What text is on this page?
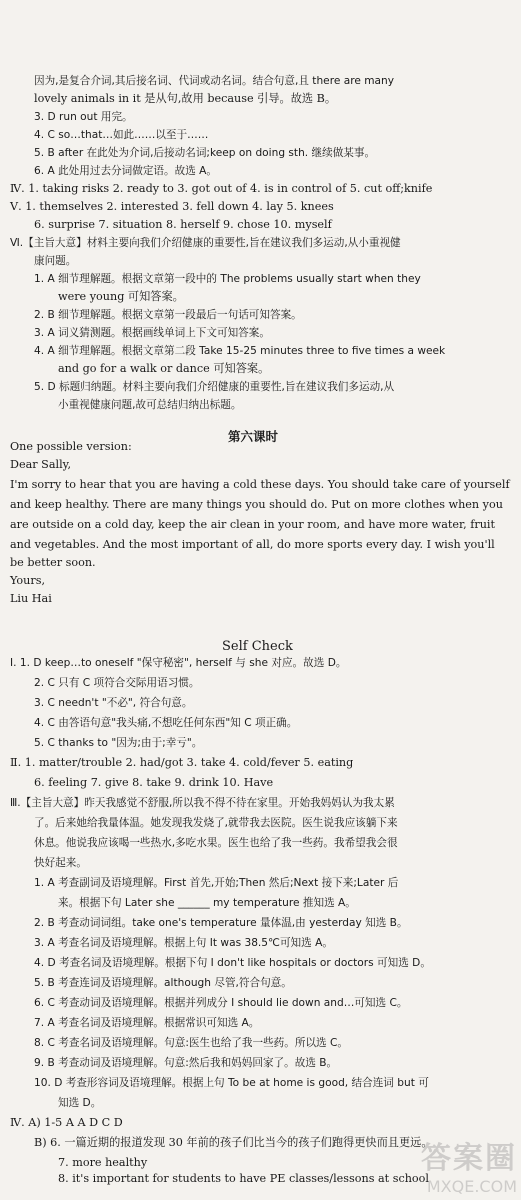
因为,是复合介词,其后接名词、代词或动名词。结合句意,且 there are many
lovely animals in it 是从句,故用 because 引导。故选 B。
3. D run out 用完。
4. C so…that…如此……以至于……
5. B after 在此处为介词,后接动名词;keep on doing sth. 继续做某事。
6. A 此处用过去分词做定语。故选 A。
Ⅳ. 1. taking risks 2. ready to 3. got out of 4. is in control of 5. cut off;knife
Ⅴ. 1. themselves 2. interested 3. fell down 4. lay 5. knees
6. surprise 7. situation 8. herself 9. chose 10. myself
Ⅵ.【主旨大意】材料主要向我们介绍健康的重要性,旨在建议我们多运动,从小重视健
康问题。
1. A 细节理解题。根据文章第一段中的 The problems usually start when they
were young 可知答案。
2. B 细节理解题。根据文章第一段最后一句话可知答案。
3. A 词义猜测题。根据画线单词上下文可知答案。
4. A 细节理解题。根据文章第二段 Take 15-25 minutes three to five times a week
and go for a walk or dance 可知答案。
5. D 标题归纳题。材料主要向我们介绍健康的重要性,旨在建议我们多运动,从
小重视健康问题,故可总结归纳出标题。
One possible version:
Dear Sally,
I'm sorry to hear that you are having a cold these days. You should take care of yourself
and keep healthy. There are many things you should do. Put on more clothes when you
are outside on a cold day, keep the air clean in your room, and have more water, fruit
and vegetables. And the most important of all, do more sports every day. I wish you'll
be better soon.
Yours,
Liu Hai
Ⅰ. 1. D keep…to oneself "保守秘密", herself 与 she 对应。故选 D。
2. C 只有 C 项符合交际用语习惯。
3. C needn't "不必", 符合句意。
4. C 由答语句意"我头痛,不想吃任何东西"知 C 项正确。
5. C thanks to "因为;由于;幸亏"。
Ⅱ. 1. matter/trouble 2. had/got 3. take 4. cold/fever 5. eating
6. feeling 7. give 8. take 9. drink 10. Have
Ⅲ.【主旨大意】昨天我感觉不舒服,所以我不得不待在家里。开始我妈妈认为我太累
了。后来她给我量体温。她发现我发烧了,就带我去医院。医生说我应该躺下来
休息。他说我应该喝一些热水,多吃水果。医生也给了我一些药。我希望我会很
快好起来。
1. A 考查副词及语境理解。First 首先,开始;Then 然后;Next 接下来;Later 后
来。根据下句 Later she ______ my temperature 推知选 A。
2. B 考查动词词组。take one's temperature 量体温,由 yesterday 知选 B。
3. A 考查名词及语境理解。根据上句 It was 38.5℃可知选 A。
4. D 考查名词及语境理解。根据下句 I don't like hospitals or doctors 可知选 D。
5. B 考查连词及语境理解。although 尽管,符合句意。
6. C 考查动词及语境理解。根据并列成分 I should lie down and…可知选 C。
7. A 考查名词及语境理解。根据常识可知选 A。
8. C 考查名词及语境理解。句意:医生也给了我一些药。所以选 C。
9. B 考查动词及语境理解。句意:然后我和妈妈回家了。故选 B。
10. D 考查形容词及语境理解。根据上句 To be at home is good, 结合连词 but 可
知选 D。
Ⅳ. A) 1-5 A A D C D
B) 6. 一篇近期的报道发现 30 年前的孩子们比当今的孩子们跑得更快而且更远。
7. more healthy
8. it's important for students to have PE classes/lessons at school
第六课时
Self Check
答案圈
MXQE.COM
